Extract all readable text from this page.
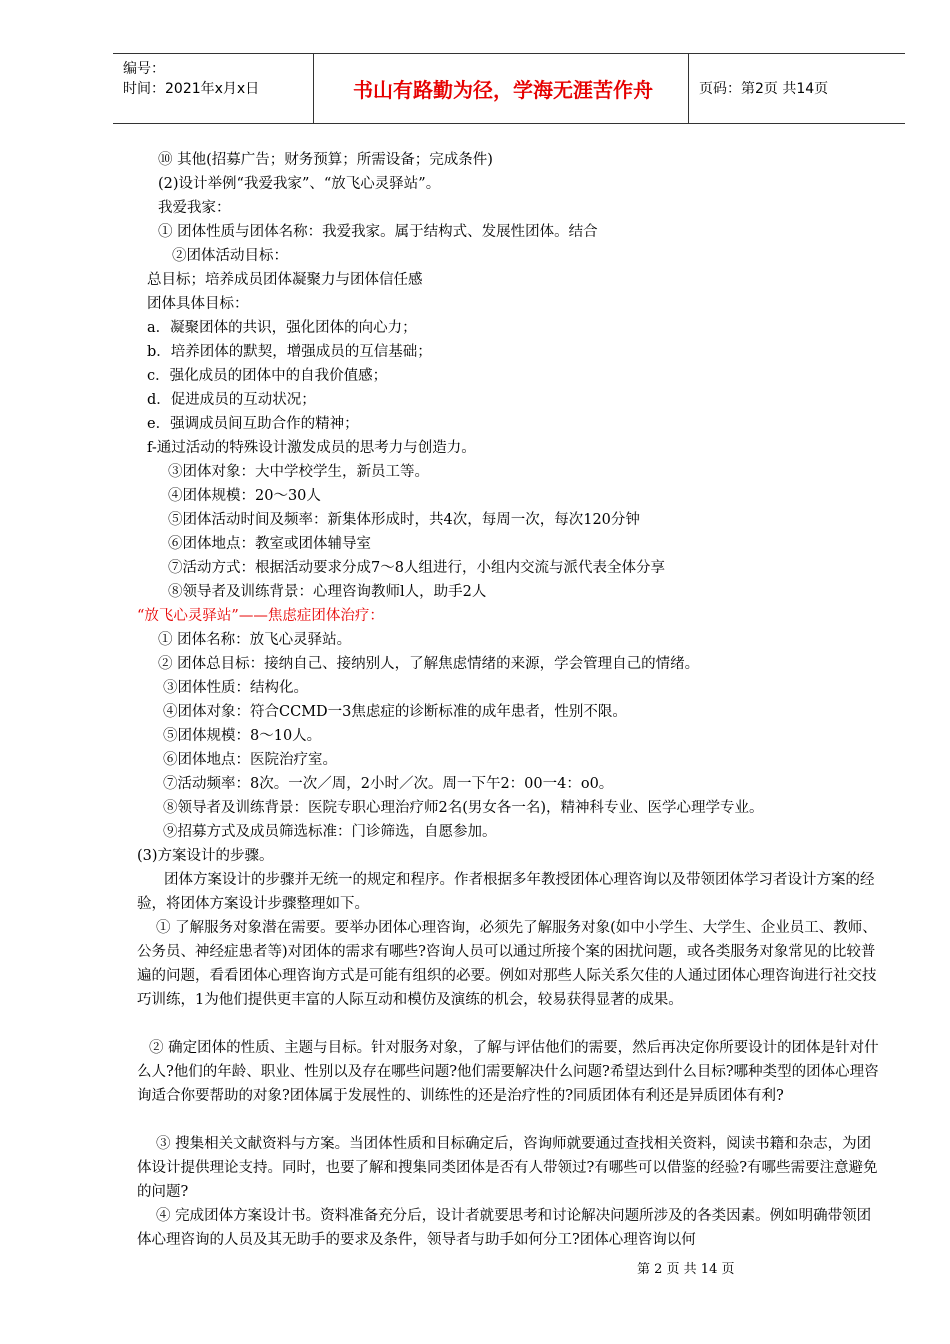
编号：
时间：2021年x月x日	书山有路勤为径，学海无涯苦作舟	页码：第2页 共14页
⑩ 其他(招募广告；财务预算；所需设备；完成条件)
(2)设计举例“我爱我家”、“放飞心灵驿站”。
我爱我家：
① 团体性质与团体名称：我爱我家。属于结构式、发展性团体。结合
②团体活动目标：
总目标；培养成员团体凝聚力与团体信任感
团体具体目标：
a．凝聚团体的共识，强化团体的向心力；
b．培养团体的默契，增强成员的互信基础；
c．强化成员的团体中的自我价值感；
d．促进成员的互动状况；
e．强调成员间互助合作的精神；
f-通过活动的特殊设计激发成员的思考力与创造力。
③团体对象：大中学校学生，新员工等。
④团体规模：20～30人
⑤团体活动时间及频率：新集体形成时，共4次，每周一次，每次120分钟
⑥团体地点：教室或团体辅导室
⑦活动方式：根据活动要求分成7～8人组进行，小组内交流与派代表全体分享
⑧领导者及训练背景：心理咨询教师l人，助手2人
“放飞心灵驿站”——焦虑症团体治疗：
① 团体名称：放飞心灵驿站。
② 团体总目标：接纳自己、接纳别人，了解焦虑情绪的来源，学会管理自己的情绪。
③团体性质：结构化。
④团体对象：符合CCMD一3焦虑症的诊断标准的成年患者，性别不限。
⑤团体规模：8～10人。
⑥团体地点：医院治疗室。
⑦活动频率：8次。一次／周，2小时／次。周一下午2：00一4：o0。
⑧领导者及训练背景：医院专职心理治疗师2名(男女各一名)，精神科专业、医学心理学专业。
⑨招募方式及成员筛选标准：门诊筛选，自愿参加。
(3)方案设计的步骤。
团体方案设计的步骤并无统一的规定和程序。作者根据多年教授团体心理咨询以及带领团体学习者设计方案的经验，将团体方案设计步骤整理如下。
① 了解服务对象潜在需要。要举办团体心理咨询，必须先了解服务对象(如中小学生、大学生、企业员工、教师、公务员、神经症患者等)对团体的需求有哪些?咨询人员可以通过所接个案的困扰问题，或各类服务对象常见的比较普遍的问题，看看团体心理咨询方式是可能有组织的必要。例如对那些人际关系欠佳的人通过团体心理咨询进行社交技巧训练，1为他们提供更丰富的人际互动和模仿及演练的机会，较易获得显著的成果。
② 确定团体的性质、主题与目标。针对服务对象，了解与评估他们的需要，然后再决定你所要设计的团体是针对什么人?他们的年龄、职业、性别以及存在哪些问题?他们需要解决什么问题?希望达到什么目标?哪种类型的团体心理咨询适合你要帮助的对象?团体属于发展性的、训练性的还是治疗性的?同质团体有利还是异质团体有利?
③ 搜集相关文献资料与方案。当团体性质和目标确定后，咨询师就要通过查找相关资料，阅读书籍和杂志，为团体设计提供理论支持。同时，也要了解和搜集同类团体是否有人带领过?有哪些可以借鉴的经验?有哪些需要注意避免的问题?
④ 完成团体方案设计书。资料准备充分后，设计者就要思考和讨论解决问题所涉及的各类因素。例如明确带领团体心理咨询的人员及其无助手的要求及条件，领导者与助手如何分工?团体心理咨询以何
第 2 页 共 14 页
